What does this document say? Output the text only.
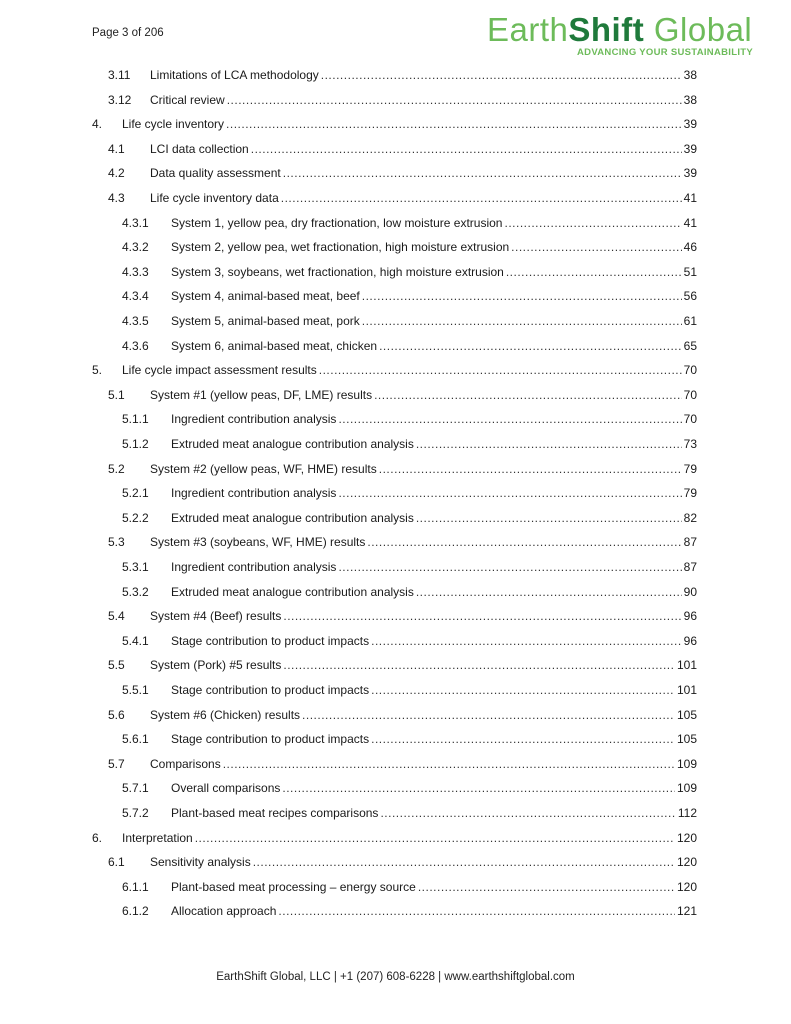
Page 3 of 206	EarthShift Global
ADVANCING YOUR SUSTAINABILITY
3.11	Limitations of LCA methodology .....	38
3.12	Critical review .....	38
4.	Life cycle inventory .....	39
4.1	LCI data collection .....	39
4.2	Data quality assessment .....	39
4.3	Life cycle inventory data .....	41
4.3.1	System 1, yellow pea, dry fractionation, low moisture extrusion .....	41
4.3.2	System 2, yellow pea, wet fractionation, high moisture extrusion .....	46
4.3.3	System 3, soybeans, wet fractionation, high moisture extrusion .....	51
4.3.4	System 4, animal-based meat, beef .....	56
4.3.5	System 5, animal-based meat, pork .....	61
4.3.6	System 6, animal-based meat, chicken .....	65
5.	Life cycle impact assessment results .....	70
5.1	System #1 (yellow peas, DF, LME) results .....	70
5.1.1	Ingredient contribution analysis .....	70
5.1.2	Extruded meat analogue contribution analysis .....	73
5.2	System #2 (yellow peas, WF, HME) results .....	79
5.2.1	Ingredient contribution analysis .....	79
5.2.2	Extruded meat analogue contribution analysis .....	82
5.3	System #3 (soybeans, WF, HME) results .....	87
5.3.1	Ingredient contribution analysis .....	87
5.3.2	Extruded meat analogue contribution analysis .....	90
5.4	System #4 (Beef) results .....	96
5.4.1	Stage contribution to product impacts .....	96
5.5	System (Pork) #5 results .....	101
5.5.1	Stage contribution to product impacts .....	101
5.6	System #6 (Chicken) results .....	105
5.6.1	Stage contribution to product impacts .....	105
5.7	Comparisons .....	109
5.7.1	Overall comparisons .....	109
5.7.2	Plant-based meat recipes comparisons .....	112
6.	Interpretation .....	120
6.1	Sensitivity analysis .....	120
6.1.1	Plant-based meat processing – energy source .....	120
6.1.2	Allocation approach .....	121
EarthShift Global, LLC | +1 (207) 608-6228 | www.earthshiftglobal.com
